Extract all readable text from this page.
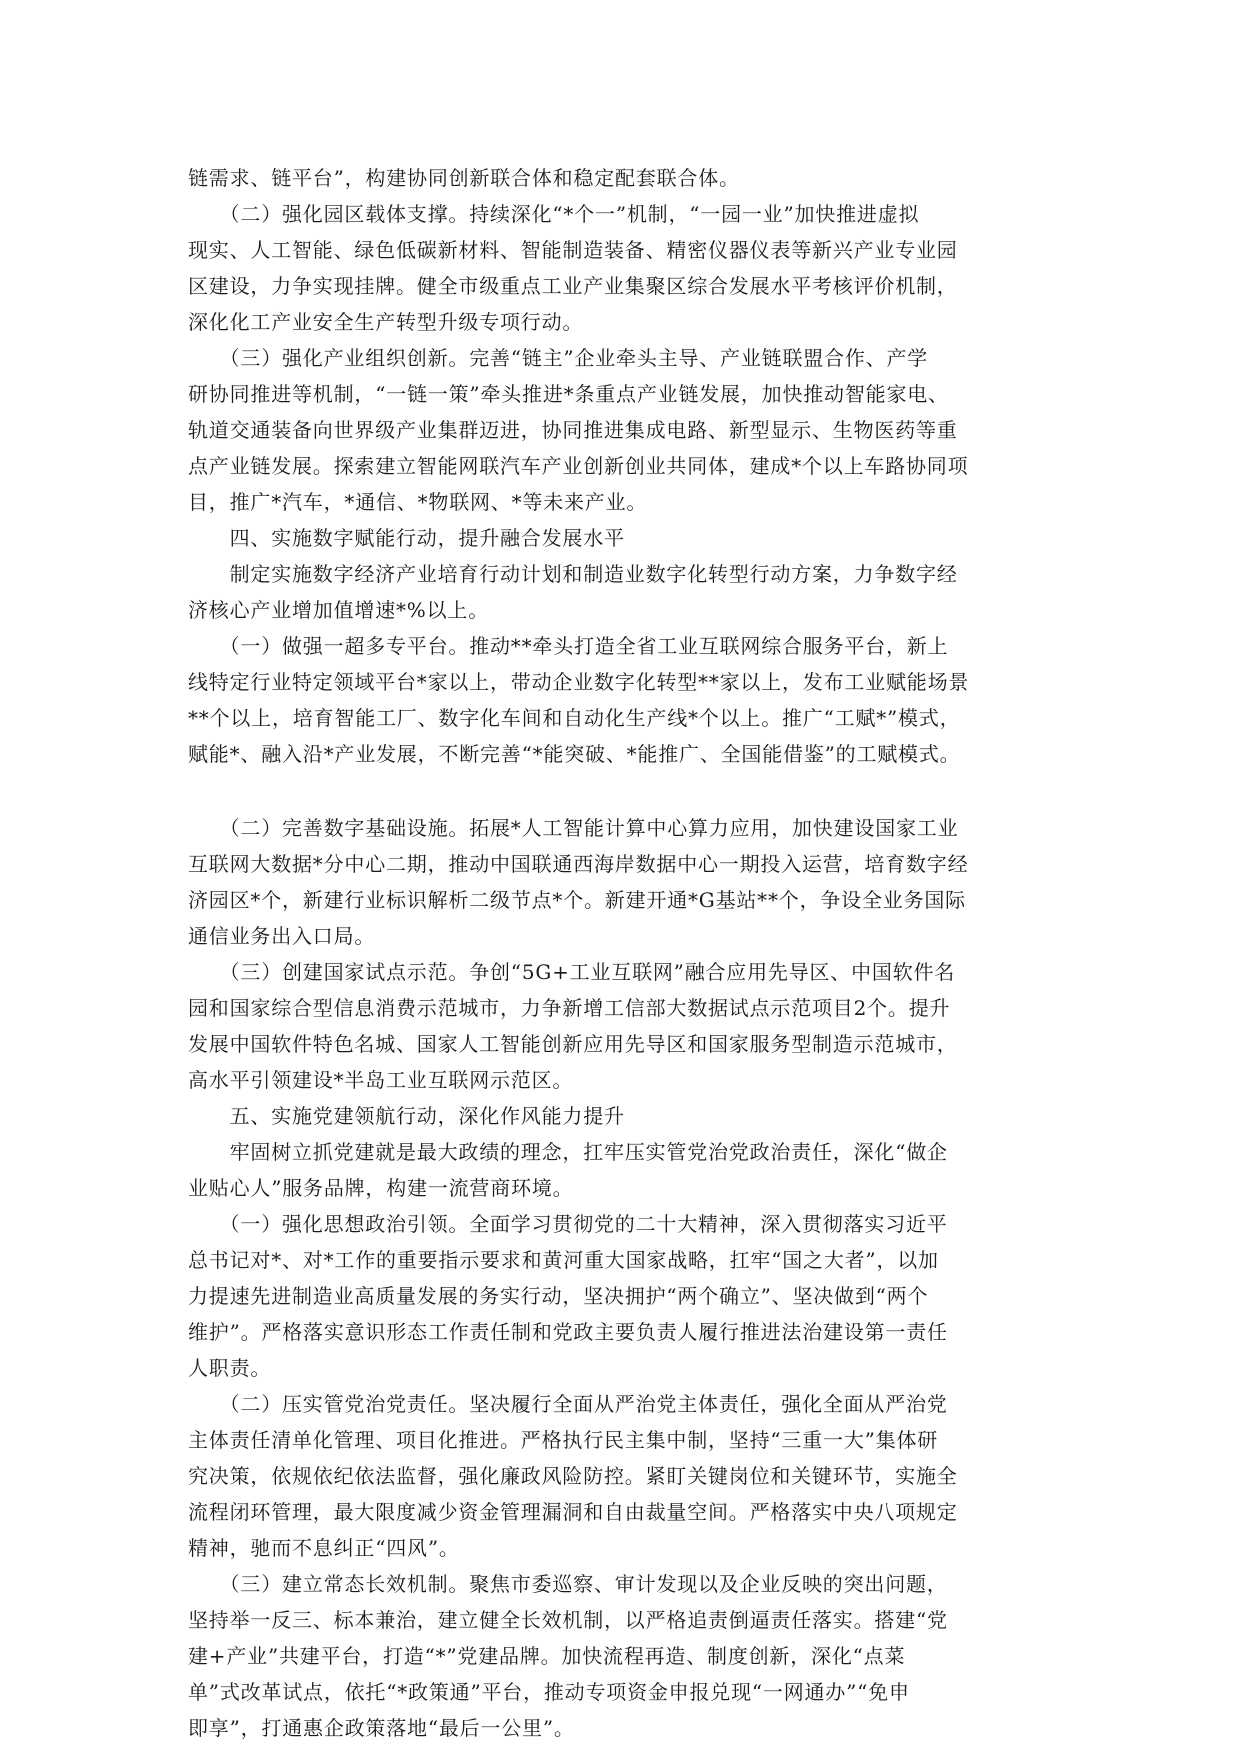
链需求、链平台”，构建协同创新联合体和稳定配套联合体。
　　（二）强化园区载体支撑。持续深化“*个一”机制，“一园一业”加快推进虚拟
现实、人工智能、绿色低碳新材料、智能制造装备、精密仪器仪表等新兴产业专业园
区建设，力争实现挂牌。健全市级重点工业产业集聚区综合发展水平考核评价机制，
深化化工产业安全生产转型升级专项行动。
　　（三）强化产业组织创新。完善“链主”企业牵头主导、产业链联盟合作、产学
研协同推进等机制，“一链一策”牵头推进*条重点产业链发展，加快推动智能家电、
轨道交通装备向世界级产业集群迈进，协同推进集成电路、新型显示、生物医药等重
点产业链发展。探索建立智能网联汽车产业创新创业共同体，建成*个以上车路协同项
目，推广*汽车，*通信、*物联网、*等未来产业。
　　四、实施数字赋能行动，提升融合发展水平
　　制定实施数字经济产业培育行动计划和制造业数字化转型行动方案，力争数字经
济核心产业增加值增速*%以上。
　　（一）做强一超多专平台。推动**牵头打造全省工业互联网综合服务平台，新上
线特定行业特定领域平台*家以上，带动企业数字化转型**家以上，发布工业赋能场景
**个以上，培育智能工厂、数字化车间和自动化生产线*个以上。推广“工赋*”模式，
赋能*、融入沿*产业发展，不断完善“*能突破、*能推广、全国能借鉴”的工赋模式。
　　（二）完善数字基础设施。拓展*人工智能计算中心算力应用，加快建设国家工业
互联网大数据*分中心二期，推动中国联通西海岸数据中心一期投入运营，培育数字经
济园区*个，新建行业标识解析二级节点*个。新建开通*G基站**个，争设全业务国际
通信业务出入口局。
　　（三）创建国家试点示范。争创“5G+工业互联网”融合应用先导区、中国软件名
园和国家综合型信息消费示范城市，力争新增工信部大数据试点示范项目2个。提升
发展中国软件特色名城、国家人工智能创新应用先导区和国家服务型制造示范城市，
高水平引领建设*半岛工业互联网示范区。
　　五、实施党建领航行动，深化作风能力提升
　　牢固树立抓党建就是最大政绩的理念，扛牢压实管党治党政治责任，深化“做企
业贴心人”服务品牌，构建一流营商环境。
　　（一）强化思想政治引领。全面学习贯彻党的二十大精神，深入贯彻落实习近平
总书记对*、对*工作的重要指示要求和黄河重大国家战略，扛牢“国之大者”，以加
力提速先进制造业高质量发展的务实行动，坚决拥护“两个确立”、坚决做到“两个
维护”。严格落实意识形态工作责任制和党政主要负责人履行推进法治建设第一责任
人职责。
　　（二）压实管党治党责任。坚决履行全面从严治党主体责任，强化全面从严治党
主体责任清单化管理、项目化推进。严格执行民主集中制，坚持“三重一大”集体研
究决策，依规依纪依法监督，强化廉政风险防控。紧盯关键岗位和关键环节，实施全
流程闭环管理，最大限度减少资金管理漏洞和自由裁量空间。严格落实中央八项规定
精神，驰而不息纠正“四风”。
　　（三）建立常态长效机制。聚焦市委巡察、审计发现以及企业反映的突出问题，
坚持举一反三、标本兼治，建立健全长效机制，以严格追责倒逼责任落实。搭建“党
建+产业”共建平台，打造“*”党建品牌。加快流程再造、制度创新，深化“点菜
单”式改革试点，依托“*政策通”平台，推动专项资金申报兑现“一网通办”“免申
即享”，打通惠企政策落地“最后一公里”。
